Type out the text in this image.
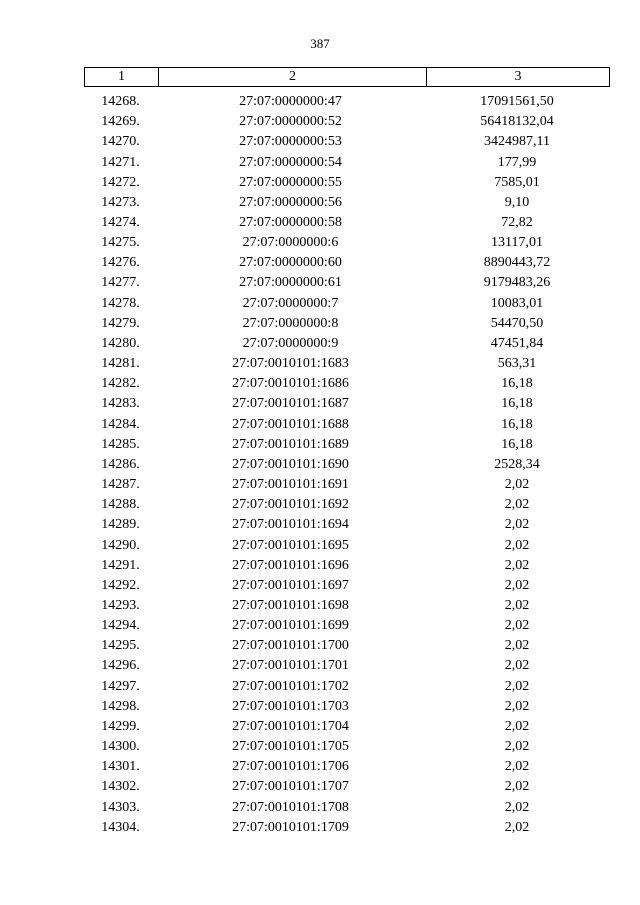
387
1	2	3
14268.	27:07:0000000:47	17091561,50
14269.	27:07:0000000:52	56418132,04
14270.	27:07:0000000:53	3424987,11
14271.	27:07:0000000:54	177,99
14272.	27:07:0000000:55	7585,01
14273.	27:07:0000000:56	9,10
14274.	27:07:0000000:58	72,82
14275.	27:07:0000000:6	13117,01
14276.	27:07:0000000:60	8890443,72
14277.	27:07:0000000:61	9179483,26
14278.	27:07:0000000:7	10083,01
14279.	27:07:0000000:8	54470,50
14280.	27:07:0000000:9	47451,84
14281.	27:07:0010101:1683	563,31
14282.	27:07:0010101:1686	16,18
14283.	27:07:0010101:1687	16,18
14284.	27:07:0010101:1688	16,18
14285.	27:07:0010101:1689	16,18
14286.	27:07:0010101:1690	2528,34
14287.	27:07:0010101:1691	2,02
14288.	27:07:0010101:1692	2,02
14289.	27:07:0010101:1694	2,02
14290.	27:07:0010101:1695	2,02
14291.	27:07:0010101:1696	2,02
14292.	27:07:0010101:1697	2,02
14293.	27:07:0010101:1698	2,02
14294.	27:07:0010101:1699	2,02
14295.	27:07:0010101:1700	2,02
14296.	27:07:0010101:1701	2,02
14297.	27:07:0010101:1702	2,02
14298.	27:07:0010101:1703	2,02
14299.	27:07:0010101:1704	2,02
14300.	27:07:0010101:1705	2,02
14301.	27:07:0010101:1706	2,02
14302.	27:07:0010101:1707	2,02
14303.	27:07:0010101:1708	2,02
14304.	27:07:0010101:1709	2,02
